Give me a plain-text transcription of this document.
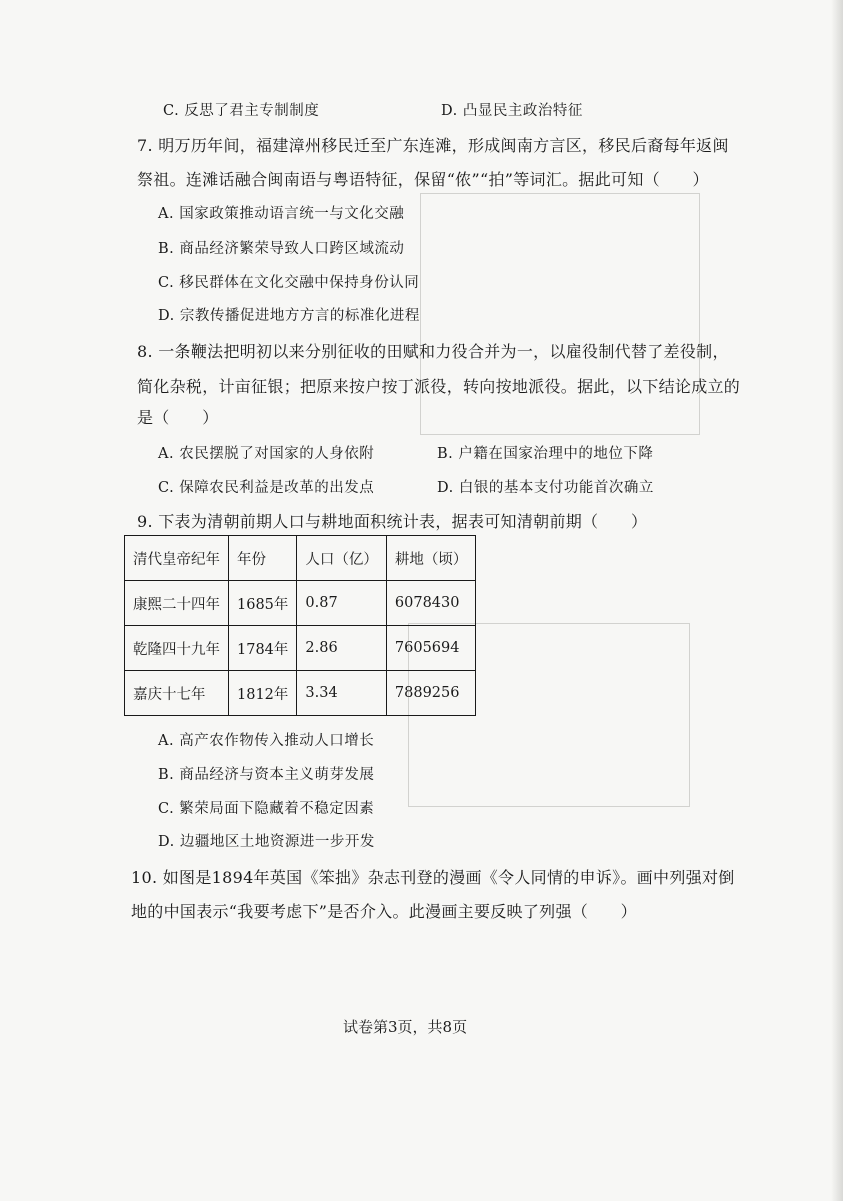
C. 反思了君主专制制度	D. 凸显民主政治特征
7. 明万历年间，福建漳州移民迁至广东连滩，形成闽南方言区，移民后裔每年返闽
祭祖。连滩话融合闽南语与粤语特征，保留“侬”“拍”等词汇。据此可知（　　）
A. 国家政策推动语言统一与文化交融
B. 商品经济繁荣导致人口跨区域流动
C. 移民群体在文化交融中保持身份认同
D. 宗教传播促进地方方言的标准化进程
8. 一条鞭法把明初以来分别征收的田赋和力役合并为一，以雇役制代替了差役制，
简化杂税，计亩征银；把原来按户按丁派役，转向按地派役。据此，以下结论成立的
是（　　）
A. 农民摆脱了对国家的人身依附	B. 户籍在国家治理中的地位下降
C. 保障农民利益是改革的出发点	D. 白银的基本支付功能首次确立
9. 下表为清朝前期人口与耕地面积统计表，据表可知清朝前期（　　）
清代皇帝纪年	年份	人口（亿）	耕地（顷）
康熙二十四年	1685年	0.87	6078430
乾隆四十九年	1784年	2.86	7605694
嘉庆十七年	1812年	3.34	7889256
A. 高产农作物传入推动人口增长
B. 商品经济与资本主义萌芽发展
C. 繁荣局面下隐藏着不稳定因素
D. 边疆地区土地资源进一步开发
10. 如图是1894年英国《笨拙》杂志刊登的漫画《令人同情的申诉》。画中列强对倒
地的中国表示“我要考虑下”是否介入。此漫画主要反映了列强（　　）
试卷第3页，共8页
